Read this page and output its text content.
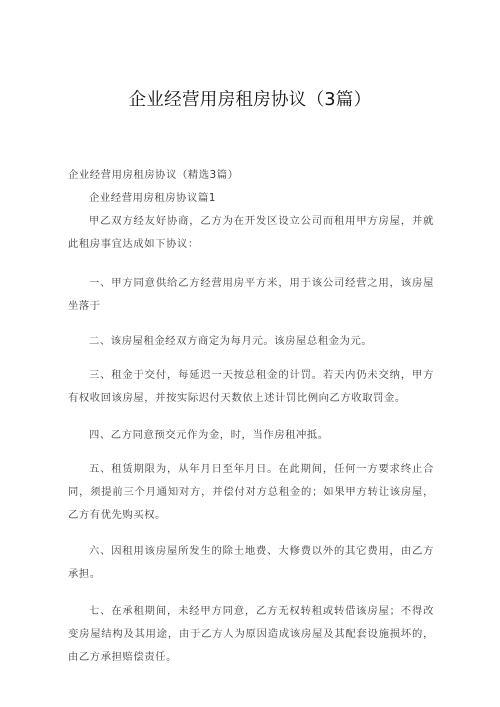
企业经营用房租房协议（3篇）

企业经营用房租房协议（精选3篇）

企业经营用房租房协议篇1

甲乙双方经友好协商，乙方为在开发区设立公司而租用甲方房屋，并就此租房事宜达成如下协议：

一、甲方同意供给乙方经营用房平方米，用于该公司经营之用，该房屋坐落于

二、该房屋租金经双方商定为每月元。该房屋总租金为元。

三、租金于交付，每延迟一天按总租金的计罚。若天内仍未交纳，甲方有权收回该房屋，并按实际迟付天数依上述计罚比例向乙方收取罚金。

四、乙方同意预交元作为金，时，当作房租冲抵。

五、租赁期限为，从年月日至年月日。在此期间，任何一方要求终止合同，须提前三个月通知对方，并偿付对方总租金的；如果甲方转让该房屋，乙方有优先购买权。

六、因租用该房屋所发生的除土地费、大修费以外的其它费用，由乙方承担。

七、在承租期间，未经甲方同意，乙方无权转租或转借该房屋；不得改变房屋结构及其用途，由于乙方人为原因造成该房屋及其配套设施损坏的，由乙方承担赔偿责任。
